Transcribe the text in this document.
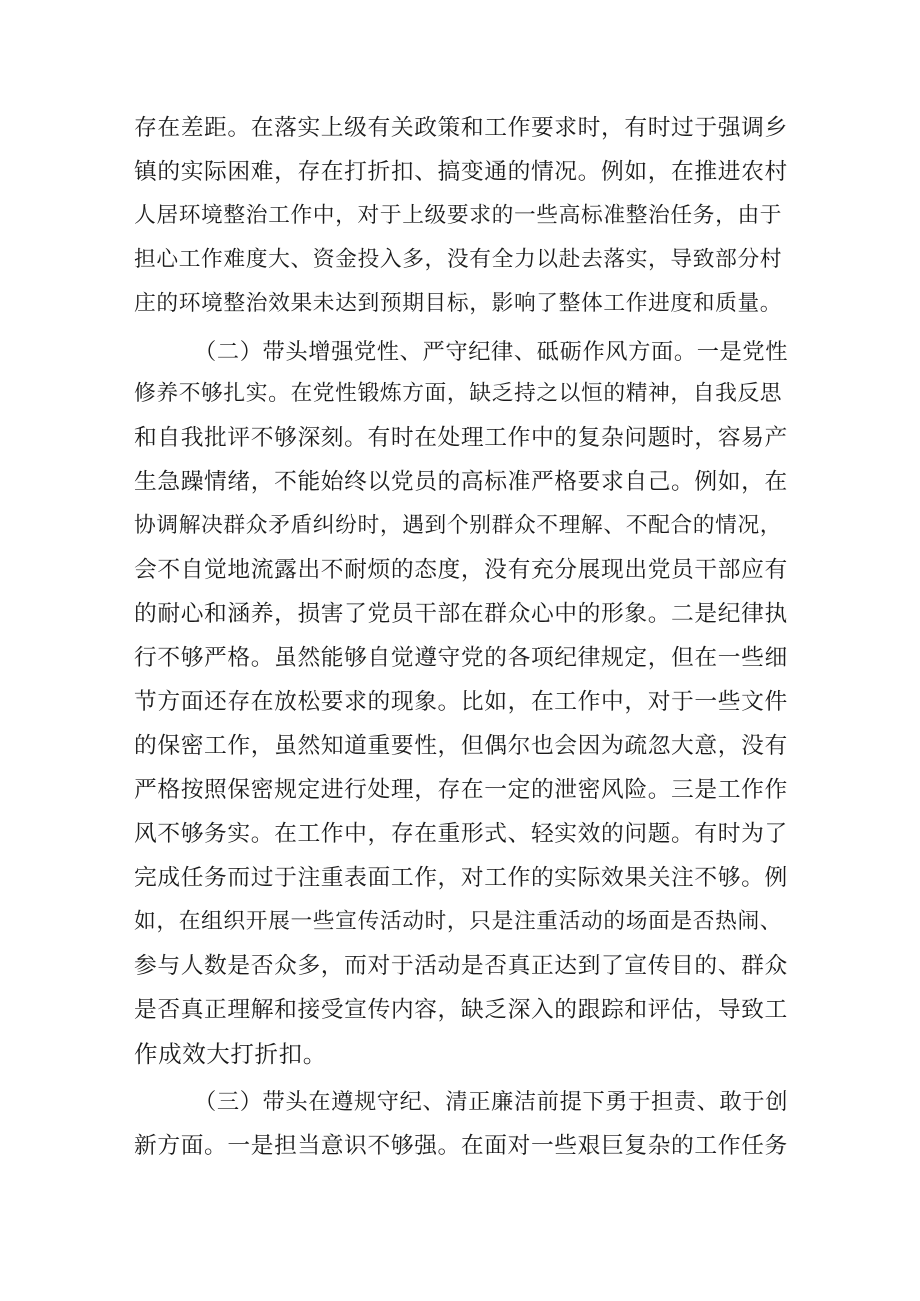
存在差距。在落实上级有关政策和工作要求时，有时过于强调乡
镇的实际困难，存在打折扣、搞变通的情况。例如，在推进农村
人居环境整治工作中，对于上级要求的一些高标准整治任务，由于
担心工作难度大、资金投入多，没有全力以赴去落实，导致部分村
庄的环境整治效果未达到预期目标，影响了整体工作进度和质量。
（二）带头增强党性、严守纪律、砥砺作风方面。一是党性
修养不够扎实。在党性锻炼方面，缺乏持之以恒的精神，自我反思
和自我批评不够深刻。有时在处理工作中的复杂问题时，容易产
生急躁情绪，不能始终以党员的高标准严格要求自己。例如，在
协调解决群众矛盾纠纷时，遇到个别群众不理解、不配合的情况，
会不自觉地流露出不耐烦的态度，没有充分展现出党员干部应有
的耐心和涵养，损害了党员干部在群众心中的形象。二是纪律执
行不够严格。虽然能够自觉遵守党的各项纪律规定，但在一些细
节方面还存在放松要求的现象。比如，在工作中，对于一些文件
的保密工作，虽然知道重要性，但偶尔也会因为疏忽大意，没有
严格按照保密规定进行处理，存在一定的泄密风险。三是工作作
风不够务实。在工作中，存在重形式、轻实效的问题。有时为了
完成任务而过于注重表面工作，对工作的实际效果关注不够。例
如，在组织开展一些宣传活动时，只是注重活动的场面是否热闹、
参与人数是否众多，而对于活动是否真正达到了宣传目的、群众
是否真正理解和接受宣传内容，缺乏深入的跟踪和评估，导致工
作成效大打折扣。
（三）带头在遵规守纪、清正廉洁前提下勇于担责、敢于创
新方面。一是担当意识不够强。在面对一些艰巨复杂的工作任务
